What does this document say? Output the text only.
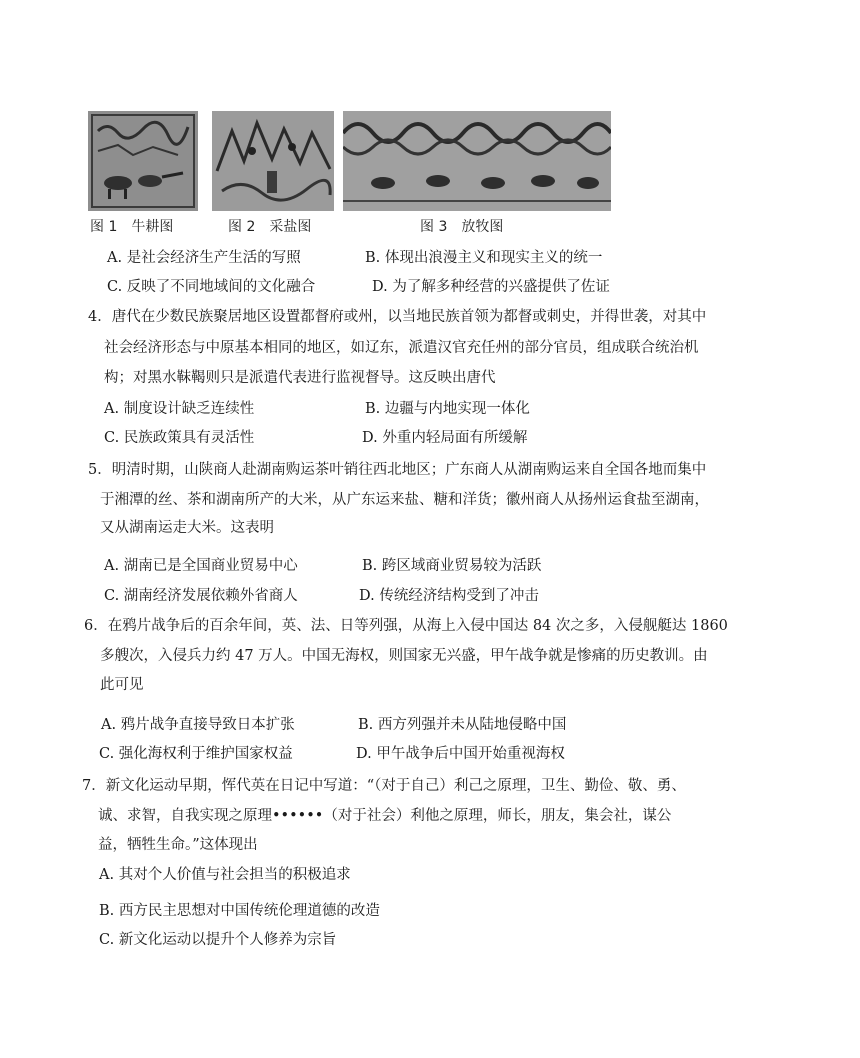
图 1　牛耕图	图 2　采盐图	图 3　放牧图
A. 是社会经济生产生活的写照	B. 体现出浪漫主义和现实主义的统一
C. 反映了不同地域间的文化融合	D. 为了解多种经营的兴盛提供了佐证
4．唐代在少数民族聚居地区设置都督府或州，以当地民族首领为都督或刺史，并得世袭，对其中
社会经济形态与中原基本相同的地区，如辽东，派遣汉官充任州的部分官员，组成联合统治机
构；对黑水靺鞨则只是派遣代表进行监视督导。这反映出唐代
A. 制度设计缺乏连续性	B. 边疆与内地实现一体化
C. 民族政策具有灵活性	D. 外重内轻局面有所缓解
5．明清时期，山陕商人赴湖南购运茶叶销往西北地区；广东商人从湖南购运来自全国各地而集中
于湘潭的丝、茶和湖南所产的大米，从广东运来盐、糖和洋货；徽州商人从扬州运食盐至湖南，
又从湖南运走大米。这表明
A. 湖南已是全国商业贸易中心	B. 跨区域商业贸易较为活跃
C. 湖南经济发展依赖外省商人	D. 传统经济结构受到了冲击
6．在鸦片战争后的百余年间，英、法、日等列强，从海上入侵中国达 84 次之多，入侵舰艇达 1860
多艘次，入侵兵力约 47 万人。中国无海权，则国家无兴盛，甲午战争就是惨痛的历史教训。由
此可见
A. 鸦片战争直接导致日本扩张	B. 西方列强并未从陆地侵略中国
C. 强化海权利于维护国家权益	D. 甲午战争后中国开始重视海权
7．新文化运动早期，恽代英在日记中写道：“（对于自己）利己之原理，卫生、勤俭、敬、勇、
诚、求智，自我实现之原理••••••（对于社会）利他之原理，师长，朋友，集会社，谋公
益，牺牲生命。”这体现出
A. 其对个人价值与社会担当的积极追求
B. 西方民主思想对中国传统伦理道德的改造
C. 新文化运动以提升个人修养为宗旨
